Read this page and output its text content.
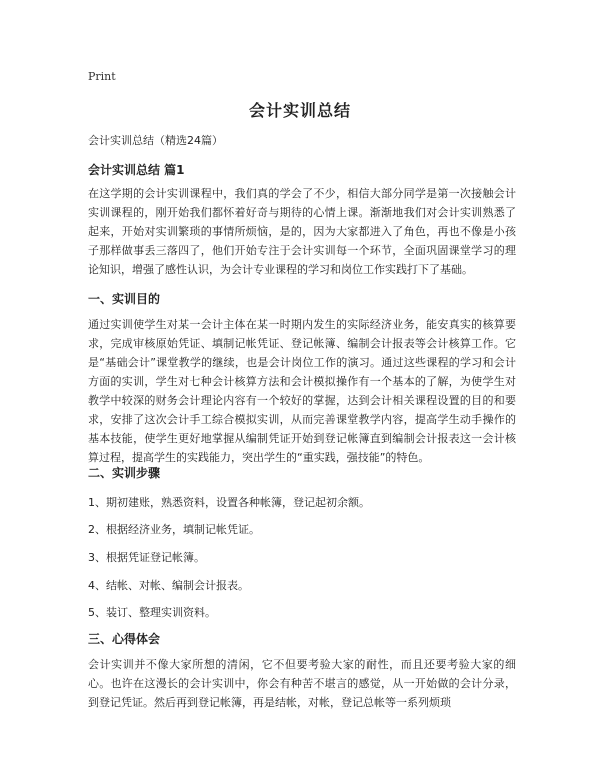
Print
会计实训总结
会计实训总结（精选24篇）
会计实训总结 篇1

在这学期的会计实训课程中，我们真的学会了不少，相信大部分同学是第一次接触会计实训课程的，刚开始我们都怀着好奇与期待的心情上课。渐渐地我们对会计实训熟悉了起来，开始对实训繁琐的事情所烦恼，是的，因为大家都进入了角色，再也不像是小孩子那样做事丢三落四了，他们开始专注于会计实训每一个环节，全面巩固课堂学习的理论知识，增强了感性认识，为会计专业课程的学习和岗位工作实践打下了基础。

一、实训目的

通过实训使学生对某一会计主体在某一时期内发生的实际经济业务，能安真实的核算要求，完成审核原始凭证、填制记帐凭证、登记帐簿、编制会计报表等会计核算工作。它是“基础会计”课堂教学的继续，也是会计岗位工作的演习。通过这些课程的学习和会计方面的实训，学生对七种会计核算方法和会计模拟操作有一个基本的了解，为使学生对教学中较深的财务会计理论内容有一个较好的掌握，达到会计相关课程设置的目的和要求，安排了这次会计手工综合模拟实训，从而完善课堂教学内容，提高学生动手操作的基本技能，使学生更好地掌握从编制凭证开始到登记帐簿直到编制会计报表这一会计核算过程，提高学生的实践能力，突出学生的“重实践，强技能”的特色。

二、实训步骤
1、期初建账，熟悉资料，设置各种帐簿，登记起初余额。
2、根据经济业务，填制记帐凭证。
3、根据凭证登记帐簿。
4、结帐、对帐、编制会计报表。
5、装订、整理实训资料。
三、心得体会

会计实训并不像大家所想的清闲，它不但要考验大家的耐性，而且还要考验大家的细心。也许在这漫长的会计实训中，你会有种苦不堪言的感觉，从一开始做的会计分录，到登记凭证。然后再到登记帐簿，再是结帐，对帐，登记总帐等一系列烦琐
